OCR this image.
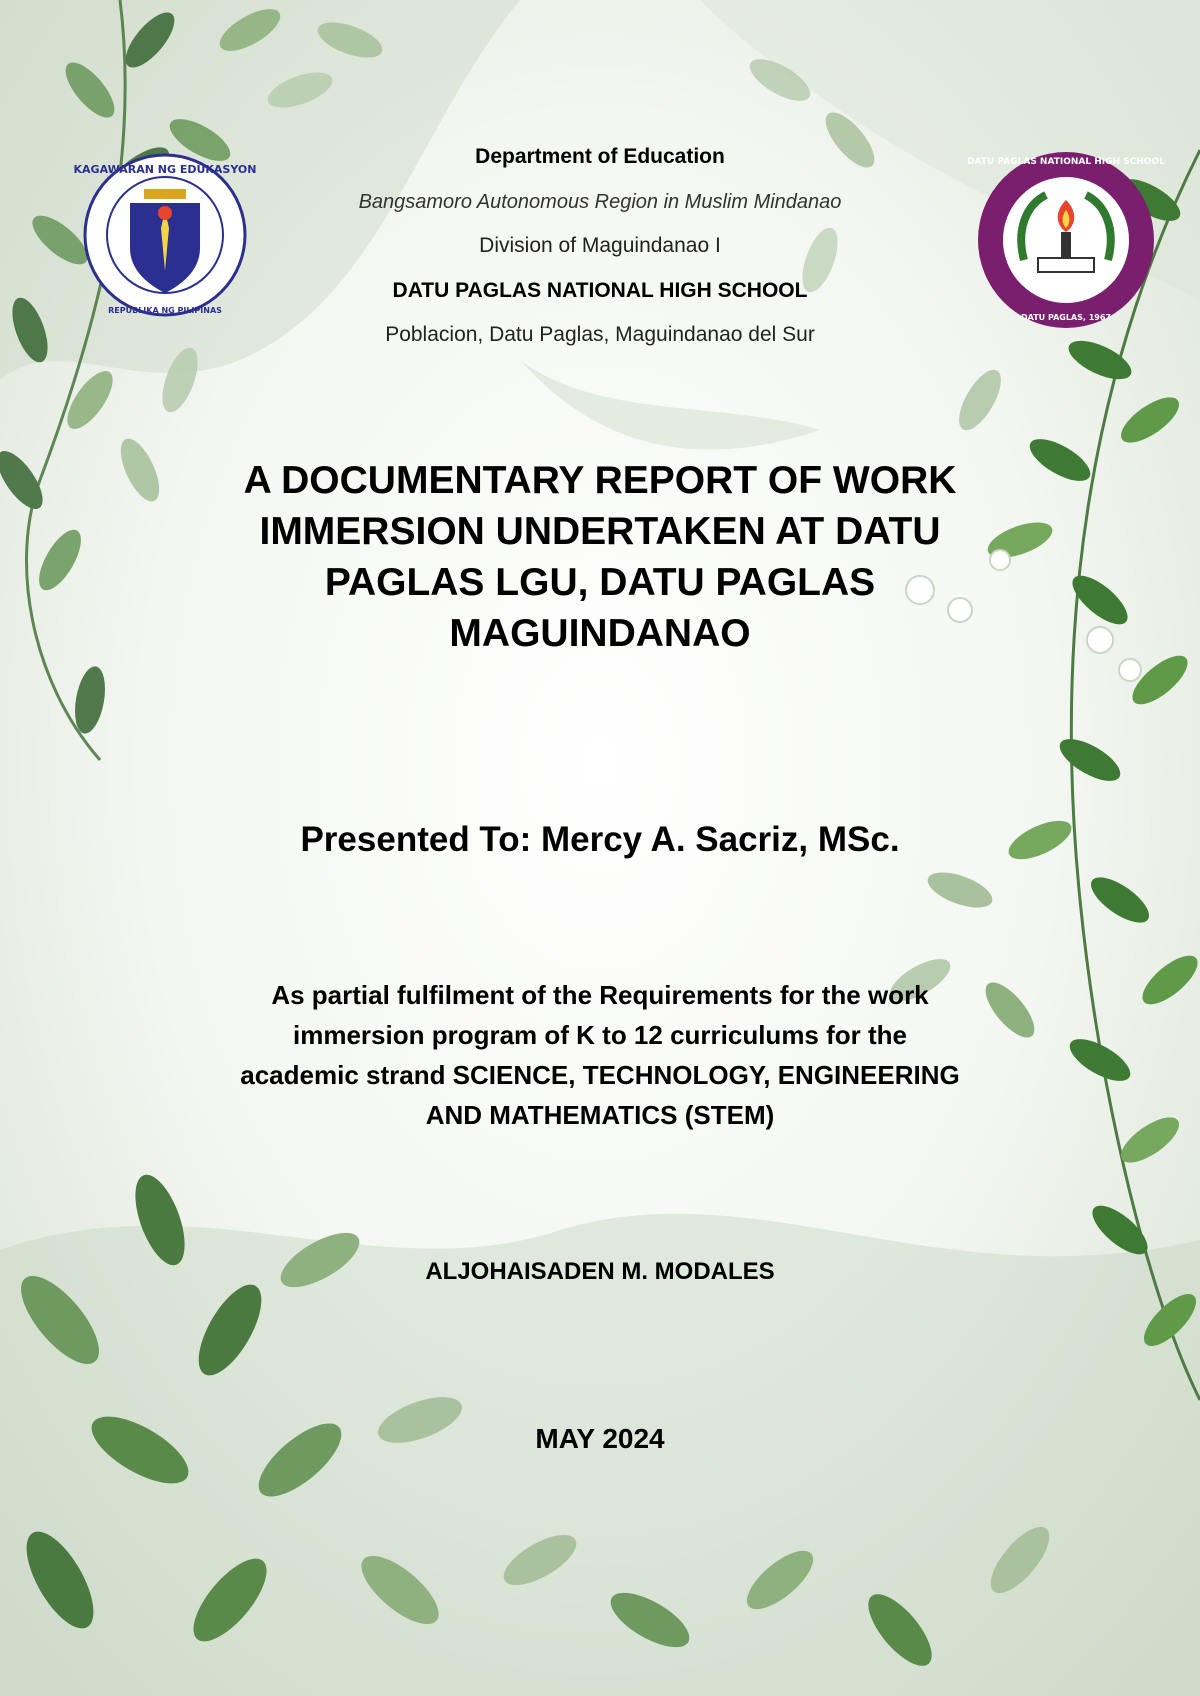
KAGAWARAN NG EDUKASYON
REPUBLIKA NG PILIPINAS
DATU PAGLAS NATIONAL HIGH SCHOOL
DATU PAGLAS, 1967
Department of Education
Bangsamoro Autonomous Region in Muslim Mindanao
Division of Maguindanao I
DATU PAGLAS NATIONAL HIGH SCHOOL
Poblacion, Datu Paglas, Maguindanao del Sur
A DOCUMENTARY REPORT OF WORK
IMMERSION UNDERTAKEN AT DATU
PAGLAS LGU, DATU PAGLAS
MAGUINDANAO
Presented To: Mercy A. Sacriz, MSc.
As partial fulfilment of the Requirements for the work
immersion program of K to 12 curriculums for the
academic strand SCIENCE, TECHNOLOGY, ENGINEERING
AND MATHEMATICS (STEM)
ALJOHAISADEN M. MODALES
MAY 2024
